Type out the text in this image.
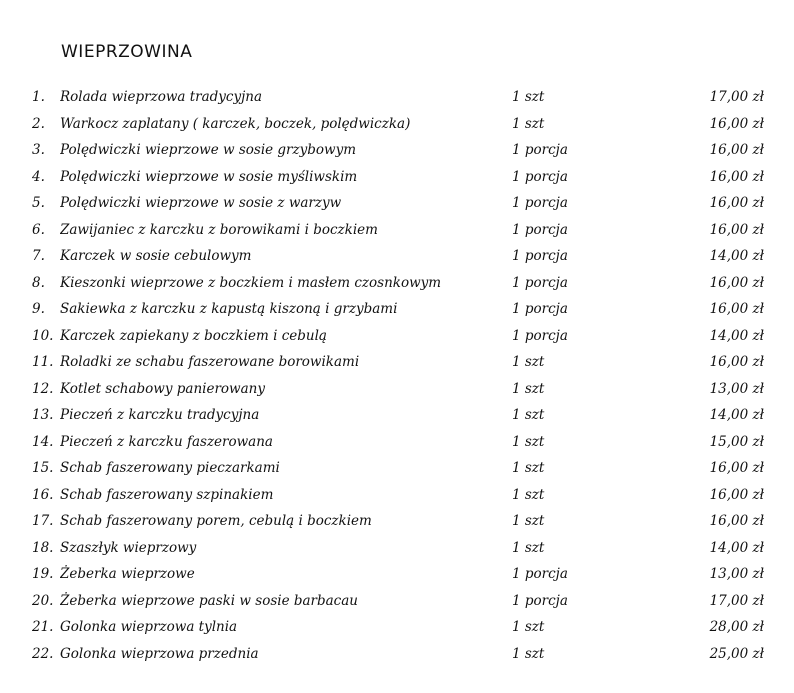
WIEPRZOWINA
1.	Rolada wieprzowa tradycyjna	1 szt	17,00 zł
2.	Warkocz zaplatany ( karczek, boczek, polędwiczka)	1 szt	16,00 zł
3.	Polędwiczki wieprzowe w sosie grzybowym	1 porcja	16,00 zł
4.	Polędwiczki wieprzowe w sosie myśliwskim	1 porcja	16,00 zł
5.	Polędwiczki wieprzowe w sosie z warzyw	1 porcja	16,00 zł
6.	Zawijaniec z karczku z borowikami i boczkiem	1 porcja	16,00 zł
7.	Karczek w sosie cebulowym	1 porcja	14,00 zł
8.	Kieszonki wieprzowe z boczkiem i masłem czosnkowym	1 porcja	16,00 zł
9.	Sakiewka z karczku z kapustą kiszoną i grzybami	1 porcja	16,00 zł
10. Karczek zapiekany z boczkiem i cebulą	1 porcja	14,00 zł
11. Roladki ze schabu faszerowane borowikami	1 szt	16,00 zł
12. Kotlet schabowy panierowany	1 szt	13,00 zł
13. Pieczeń z karczku tradycyjna	1 szt	14,00 zł
14. Pieczeń z karczku faszerowana	1 szt	15,00 zł
15. Schab faszerowany pieczarkami	1 szt	16,00 zł
16. Schab faszerowany szpinakiem	1 szt	16,00 zł
17. Schab faszerowany porem, cebulą i boczkiem	1 szt	16,00 zł
18. Szaszłyk wieprzowy	1 szt	14,00 zł
19. Żeberka wieprzowe	1 porcja	13,00 zł
20. Żeberka wieprzowe paski w sosie barbacau	1 porcja	17,00 zł
21. Golonka wieprzowa tylnia	1 szt	28,00 zł
22. Golonka wieprzowa przednia	1 szt	25,00 zł
